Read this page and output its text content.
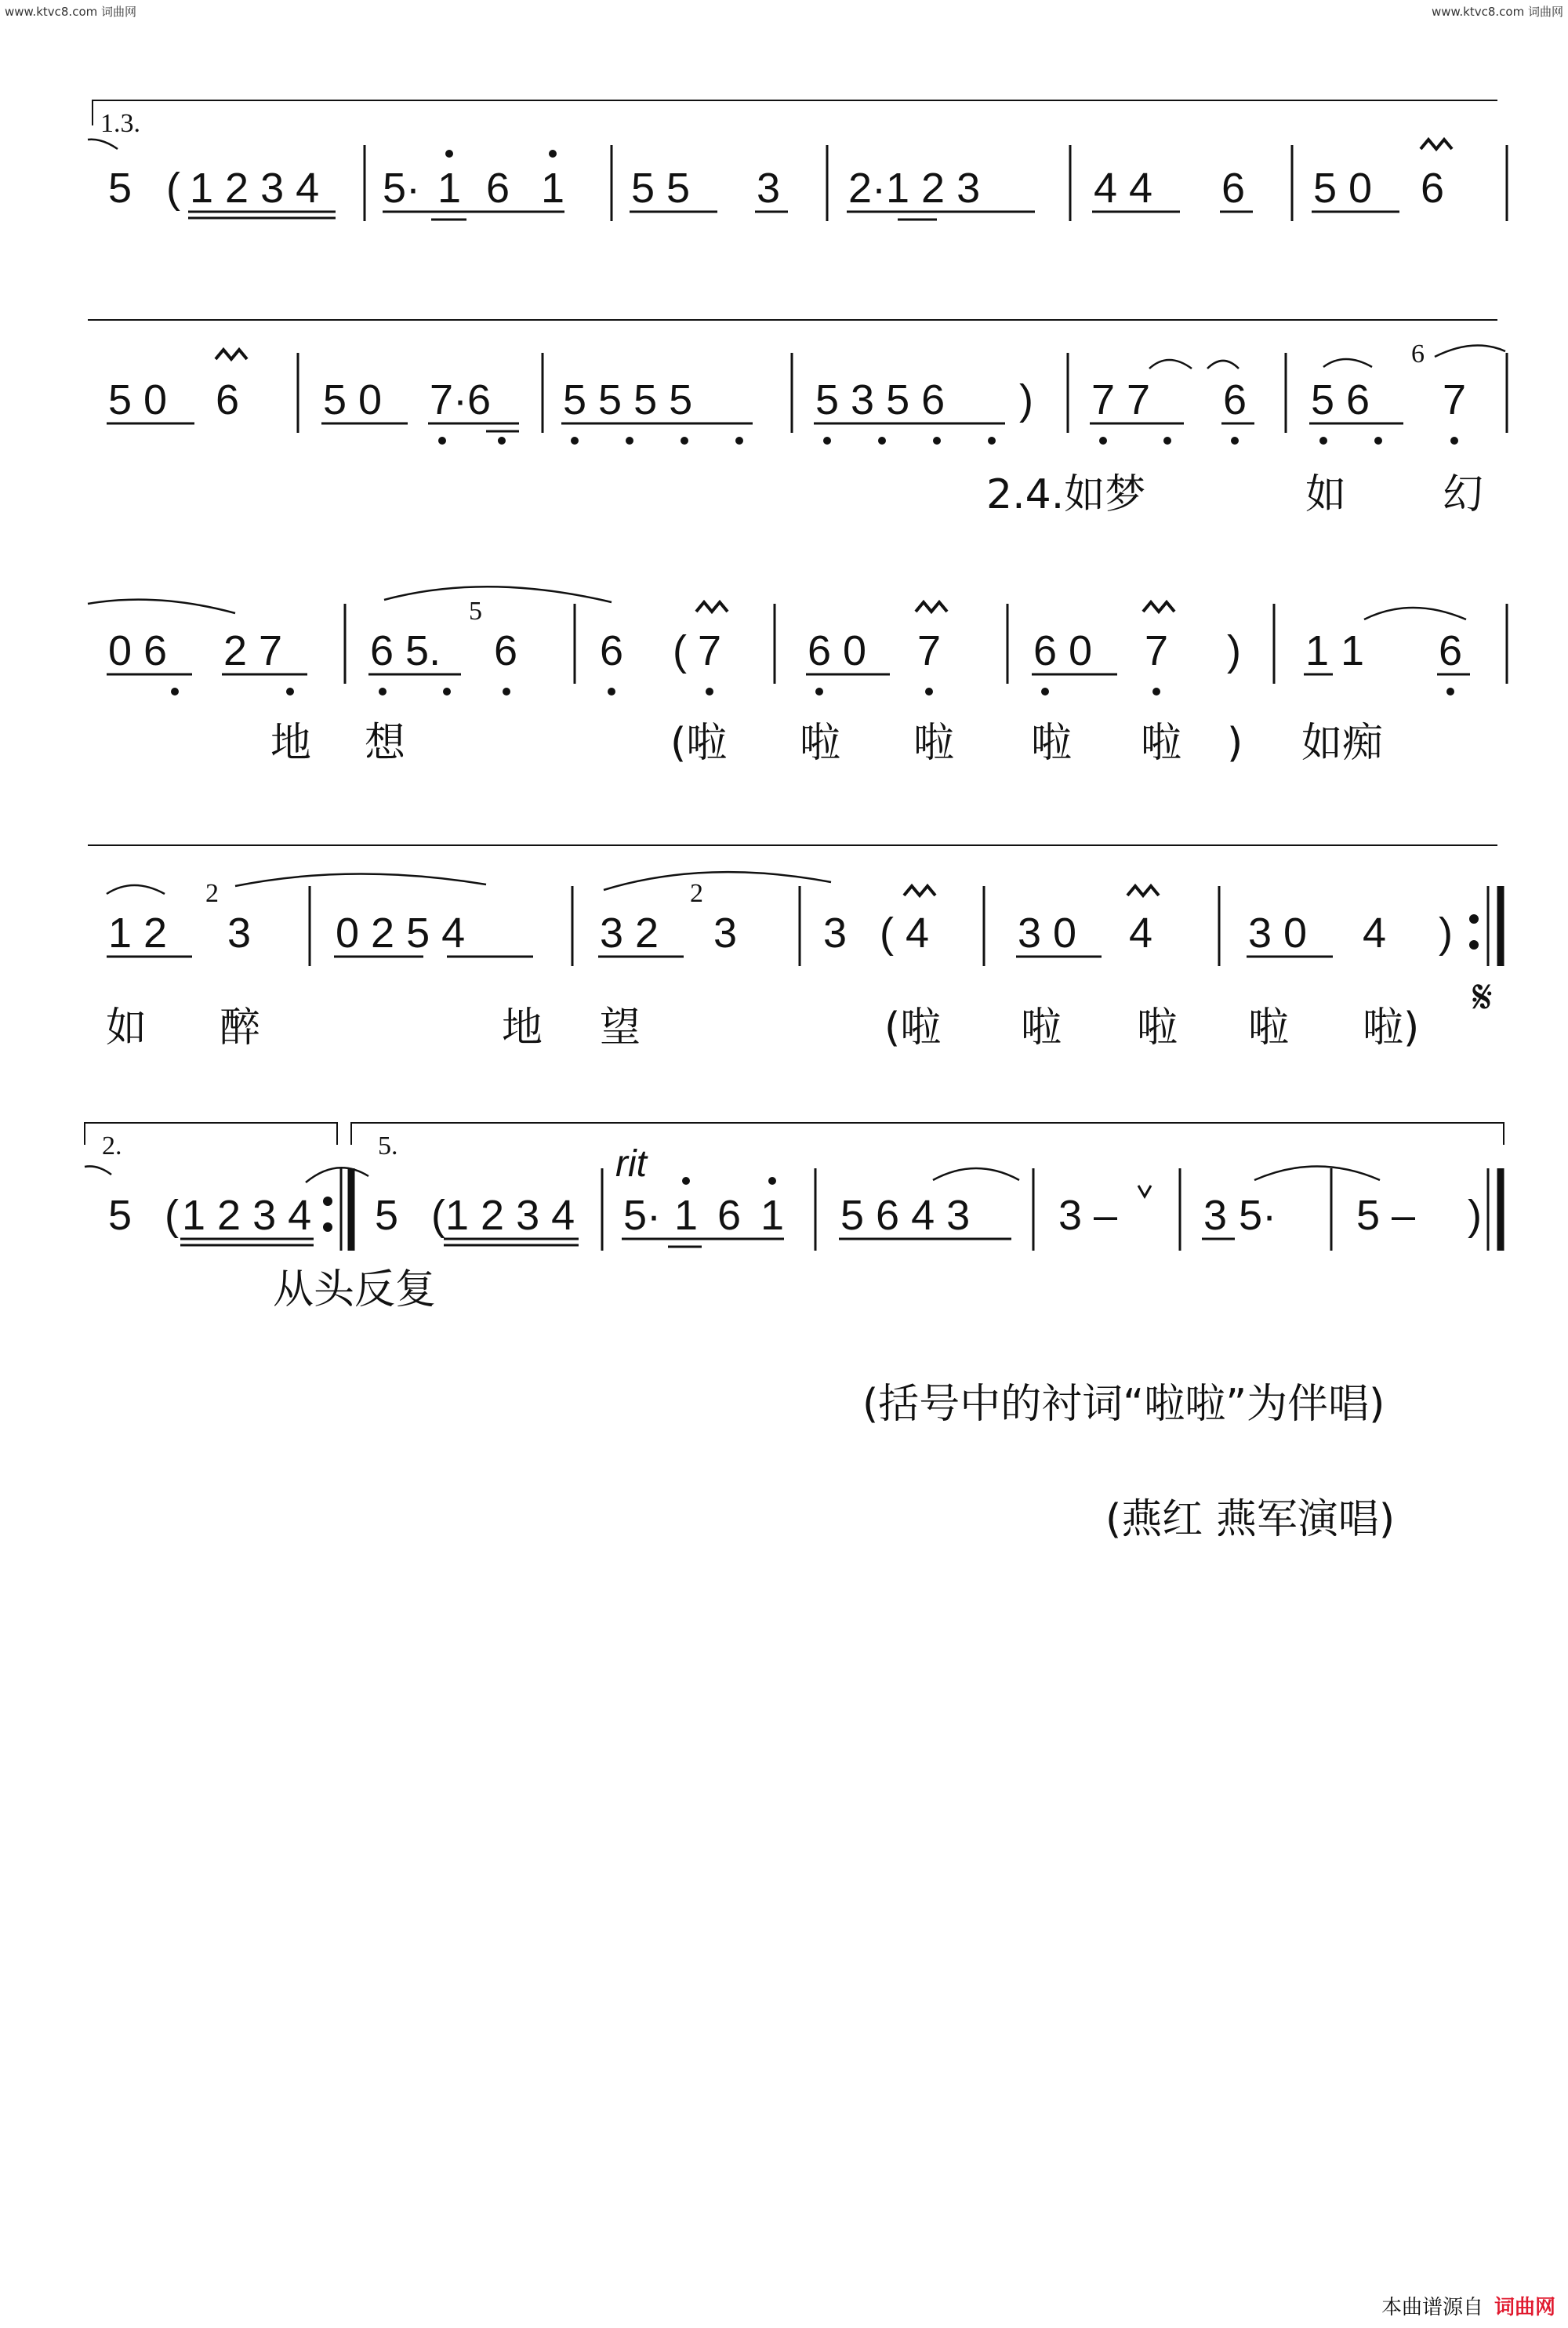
www.ktvc8.com 词曲网	www.ktvc8.com 词曲网
1.3.
5 ( 1 2 3 4 5· 1 6 1 5 5 3 2·1 2 3	4 4 6 5 0 6
5 0 6 5 0 7·6 5 5 5 5	5 3 5 6 ) 7 7 6 5 6 7
6
2.4.如梦	如 幻
0 6 2 7 6 5. 6
5
6 ( 7 6 0 7 6 0 7 ) 1 1 6
地 想	(啦 啦 啦 啦 啦 ) 如痴
1 2 3
2
0 2 5 4	3 2 3
2
3 ( 4 3 0 4 3 0 4 )
𝄋
如 醉	地 望	(啦 啦 啦 啦 啦)
2.	5.	rit
5 ( 1 2 3 4 5 ( 1 2 3 4 5· 1 6 1 5 6 4 3 3 – 3 5· 5 – )
从头反复
(括号中的衬词“啦啦”为伴唱)
(燕红 燕军演唱)
本曲谱源自 词曲网
